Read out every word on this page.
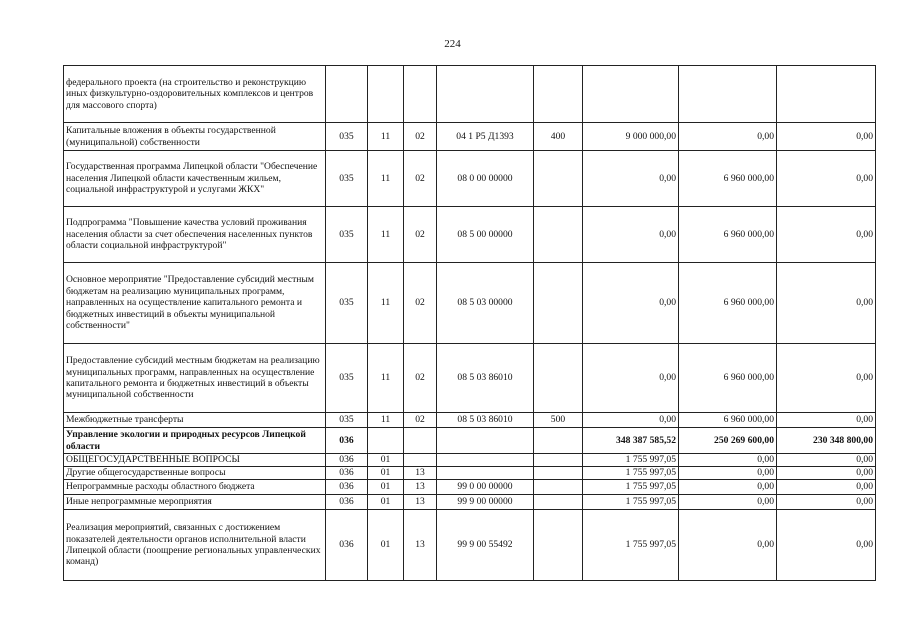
224
федерального проекта (на строительство и реконструкцию иных физкультурно-оздоровительных комплексов и центров для массового спорта)								
Капитальные вложения в объекты государственной (муниципальной) собственности	035	11	02	04 1 P5 Д1393	400	9 000 000,00	0,00	0,00
Государственная программа Липецкой области "Обеспечение населения Липецкой области качественным жильем, социальной инфраструктурой и услугами ЖКХ"	035	11	02	08 0 00 00000		0,00	6 960 000,00	0,00
Подпрограмма "Повышение качества условий проживания населения области за счет обеспечения населенных пунктов области социальной инфраструктурой"	035	11	02	08 5 00 00000		0,00	6 960 000,00	0,00
Основное мероприятие "Предоставление субсидий местным бюджетам на реализацию муниципальных программ, направленных на осуществление капитального ремонта и бюджетных инвестиций в объекты муниципальной собственности"	035	11	02	08 5 03 00000		0,00	6 960 000,00	0,00
Предоставление субсидий местным бюджетам на реализацию муниципальных программ, направленных на осуществление капитального ремонта и бюджетных инвестиций в объекты муниципальной собственности	035	11	02	08 5 03 86010		0,00	6 960 000,00	0,00
Межбюджетные трансферты	035	11	02	08 5 03 86010	500	0,00	6 960 000,00	0,00
Управление экологии и природных ресурсов Липецкой области	036					348 387 585,52	250 269 600,00	230 348 800,00
ОБЩЕГОСУДАРСТВЕННЫЕ ВОПРОСЫ	036	01				1 755 997,05	0,00	0,00
Другие общегосударственные вопросы	036	01	13			1 755 997,05	0,00	0,00
Непрограммные расходы областного бюджета	036	01	13	99 0 00 00000		1 755 997,05	0,00	0,00
Иные непрограммные мероприятия	036	01	13	99 9 00 00000		1 755 997,05	0,00	0,00
Реализация мероприятий, связанных с достижением показателей деятельности органов исполнительной власти Липецкой области (поощрение региональных управленческих команд)	036	01	13	99 9 00 55492		1 755 997,05	0,00	0,00
